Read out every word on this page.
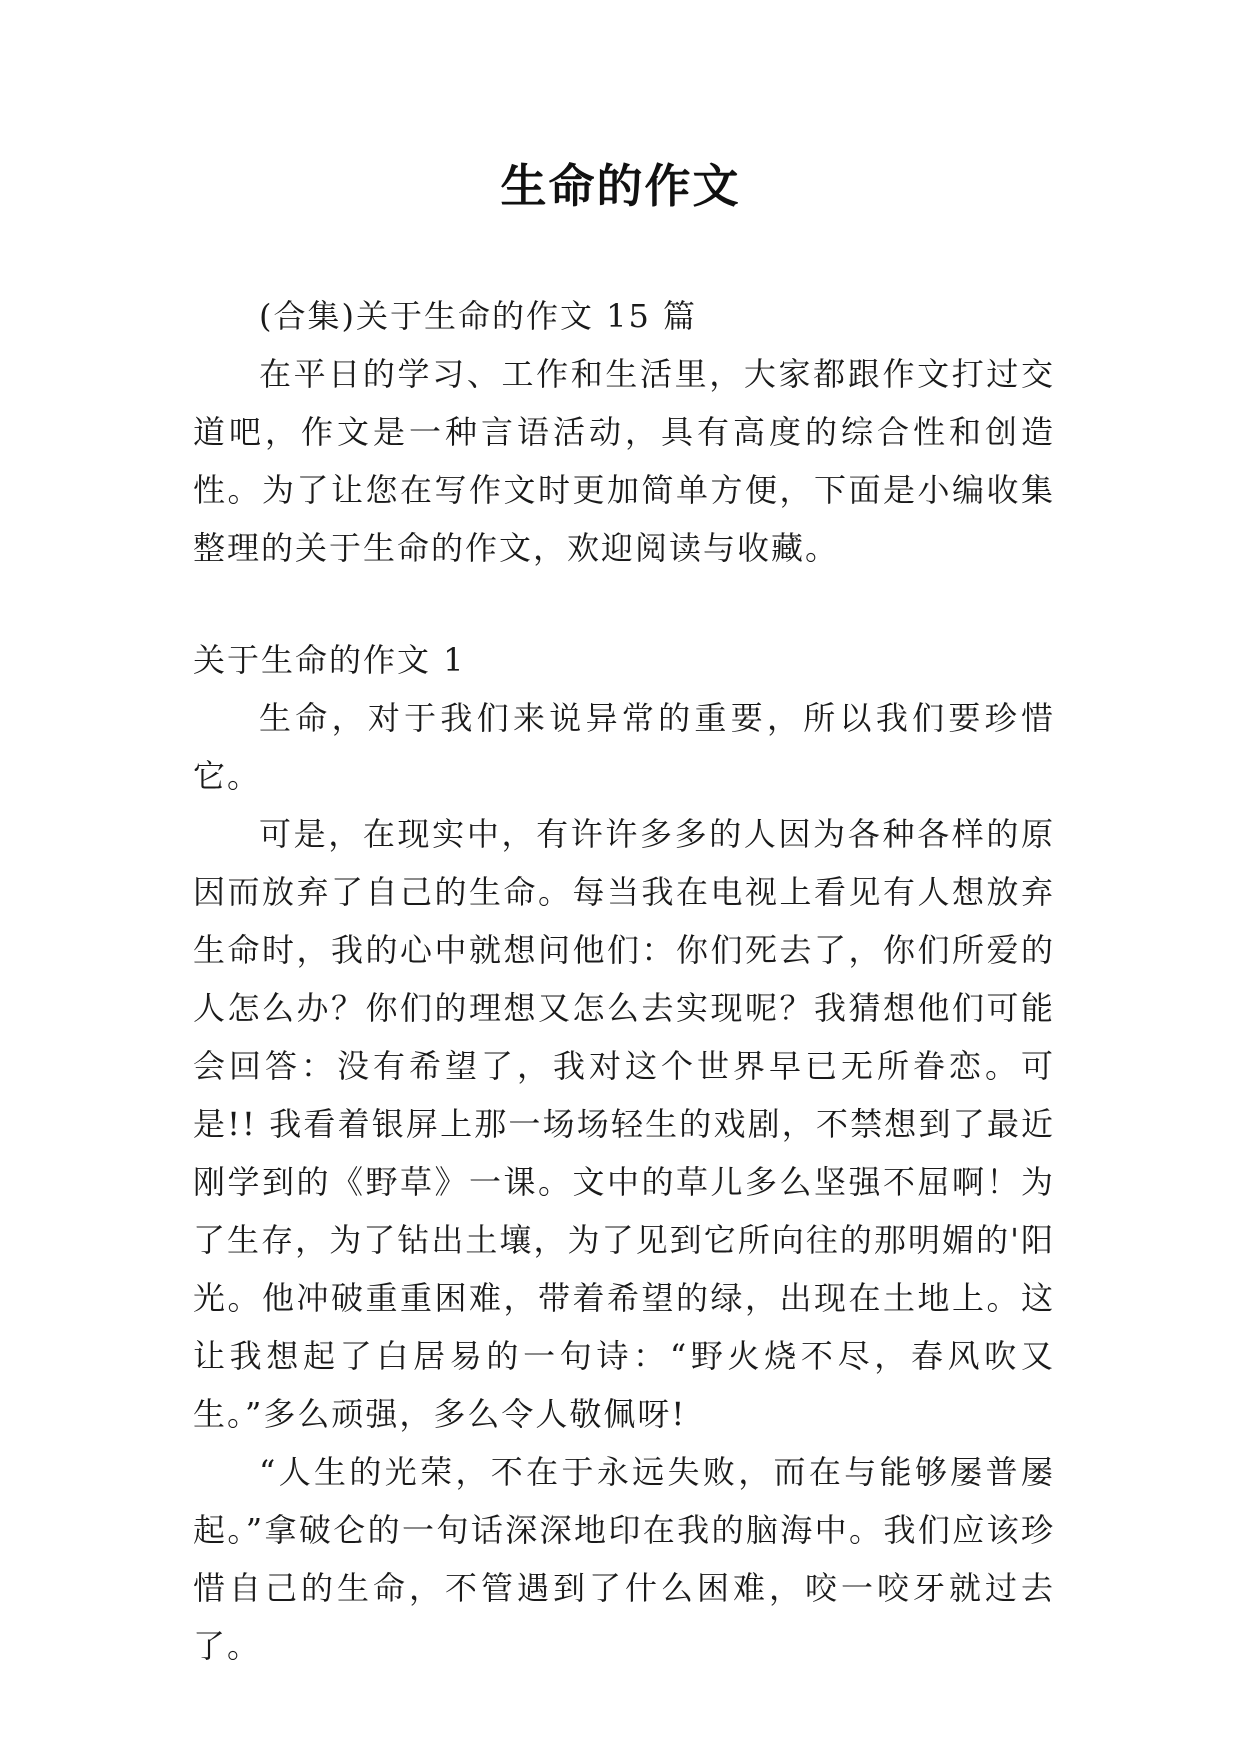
生命的作文

(合集)关于生命的作文 15 篇

在平日的学习、工作和生活里，大家都跟作文打过交道吧，作文是一种言语活动，具有高度的综合性和创造性。为了让您在写作文时更加简单方便，下面是小编收集整理的关于生命的作文，欢迎阅读与收藏。

关于生命的作文 1

生命，对于我们来说异常的重要，所以我们要珍惜它。

可是，在现实中，有许许多多的人因为各种各样的原因而放弃了自己的生命。每当我在电视上看见有人想放弃生命时，我的心中就想问他们：你们死去了，你们所爱的人怎么办？你们的理想又怎么去实现呢？我猜想他们可能会回答：没有希望了，我对这个世界早已无所眷恋。可是!! 我看着银屏上那一场场轻生的戏剧，不禁想到了最近刚学到的《野草》一课。文中的草儿多么坚强不屈啊！为了生存，为了钻出土壤，为了见到它所向往的那明媚的'阳光。他冲破重重困难，带着希望的绿，出现在土地上。这让我想起了白居易的一句诗：“野火烧不尽，春风吹又生。”多么顽强，多么令人敬佩呀!

“人生的光荣，不在于永远失败，而在与能够屡普屡起。”拿破仑的一句话深深地印在我的脑海中。我们应该珍惜自己的生命，不管遇到了什么困难，咬一咬牙就过去了。
